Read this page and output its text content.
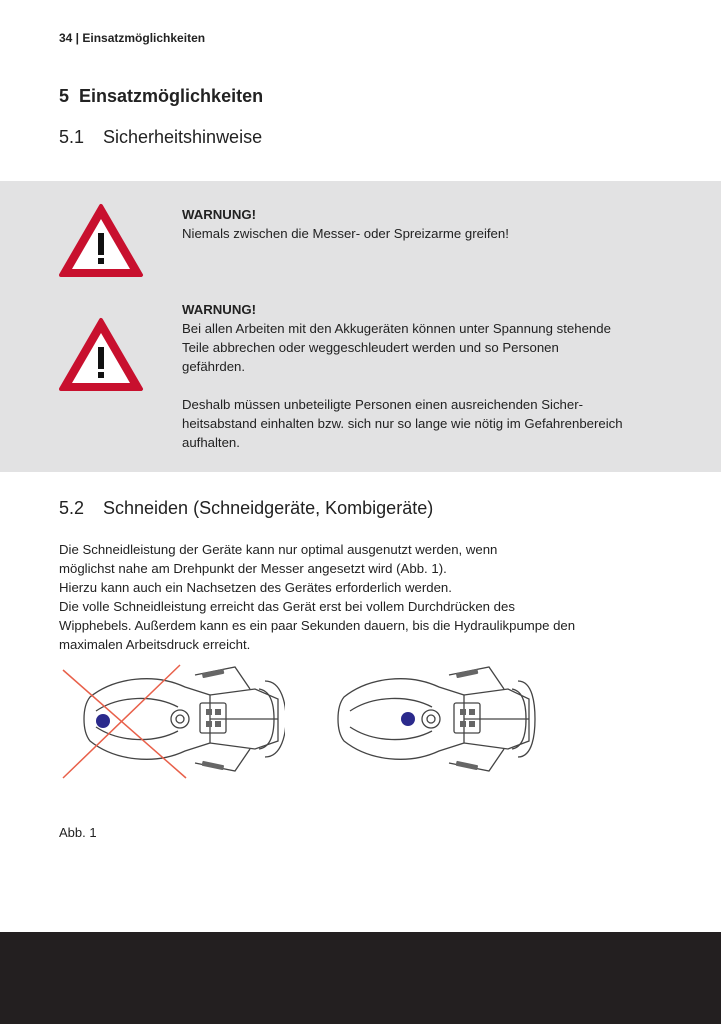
34 | Einsatzmöglichkeiten
5 Einsatzmöglichkeiten
5.1 Sicherheitshinweise
WARNUNG!
Niemals zwischen die Messer- oder Spreizarme greifen!
WARNUNG!
Bei allen Arbeiten mit den Akkugeräten können unter Spannung stehende
Teile abbrechen oder weggeschleudert werden und so Personen
gefährden.
Deshalb müssen unbeteiligte Personen einen ausreichenden Sicher-
heitsabstand einhalten bzw. sich nur so lange wie nötig im Gefahrenbereich
aufhalten.
5.2 Schneiden (Schneidgeräte, Kombigeräte)
Die Schneidleistung der Geräte kann nur optimal ausgenutzt werden, wenn
möglichst nahe am Drehpunkt der Messer angesetzt wird (Abb. 1).
Hierzu kann auch ein Nachsetzen des Gerätes erforderlich werden.
Die volle Schneidleistung erreicht das Gerät erst bei vollem Durchdrücken des
Wipphebels. Außerdem kann es ein paar Sekunden dauern, bis die Hydraulikpumpe den
maximalen Arbeitsdruck erreicht.
Abb. 1
